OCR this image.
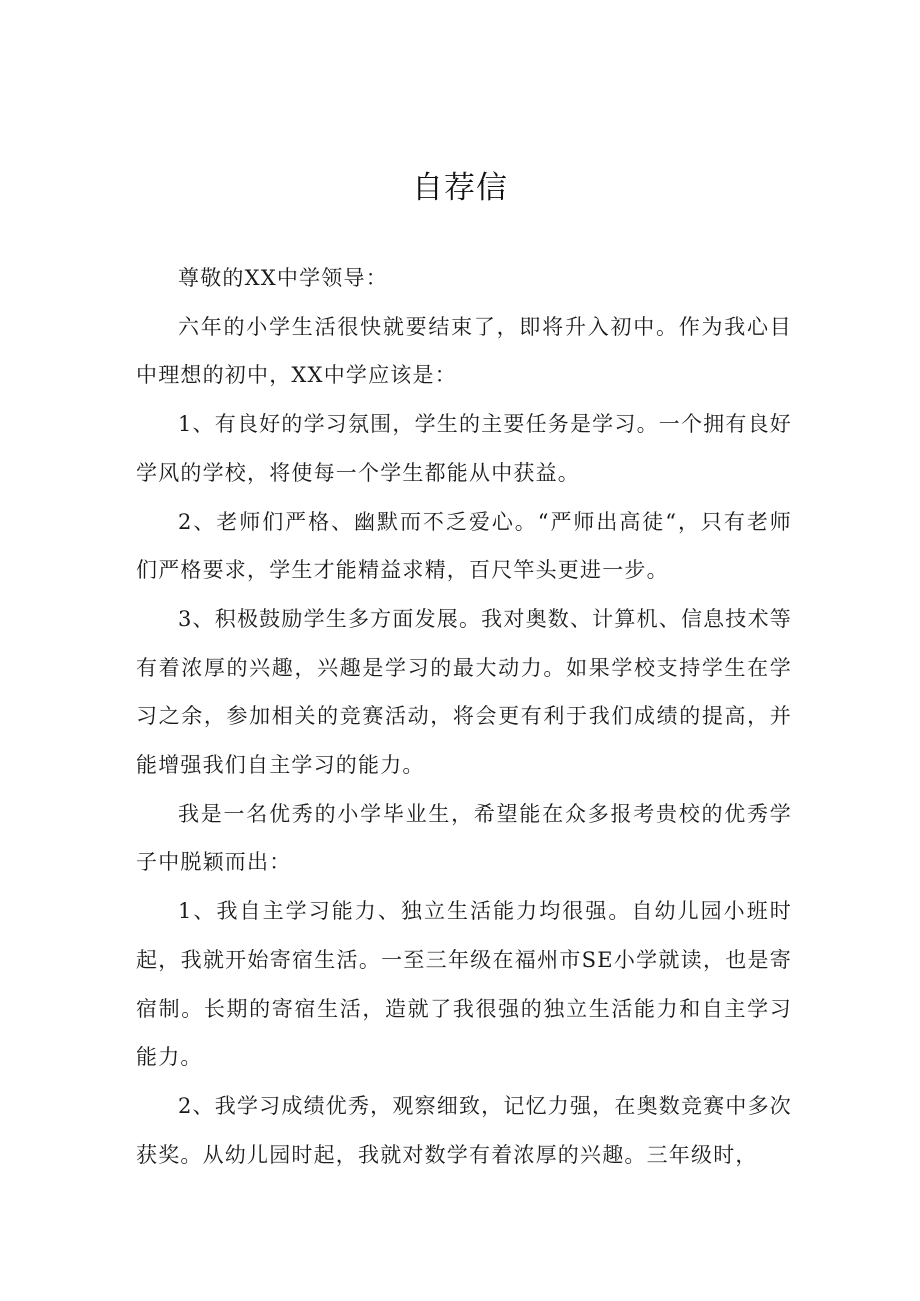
自荐信

尊敬的XX中学领导：

六年的小学生活很快就要结束了，即将升入初中。作为我心目中理想的初中，XX中学应该是：

1、有良好的学习氛围，学生的主要任务是学习。一个拥有良好学风的学校，将使每一个学生都能从中获益。

2、老师们严格、幽默而不乏爱心。“严师出高徒“，只有老师们严格要求，学生才能精益求精，百尺竿头更进一步。

3、积极鼓励学生多方面发展。我对奥数、计算机、信息技术等有着浓厚的兴趣，兴趣是学习的最大动力。如果学校支持学生在学习之余，参加相关的竞赛活动，将会更有利于我们成绩的提高，并能增强我们自主学习的能力。

我是一名优秀的小学毕业生，希望能在众多报考贵校的优秀学子中脱颖而出：

1、我自主学习能力、独立生活能力均很强。自幼儿园小班时起，我就开始寄宿生活。一至三年级在福州市SE小学就读，也是寄宿制。长期的寄宿生活，造就了我很强的独立生活能力和自主学习能力。

2、我学习成绩优秀，观察细致，记忆力强，在奥数竞赛中多次获奖。从幼儿园时起，我就对数学有着浓厚的兴趣。三年级时，
